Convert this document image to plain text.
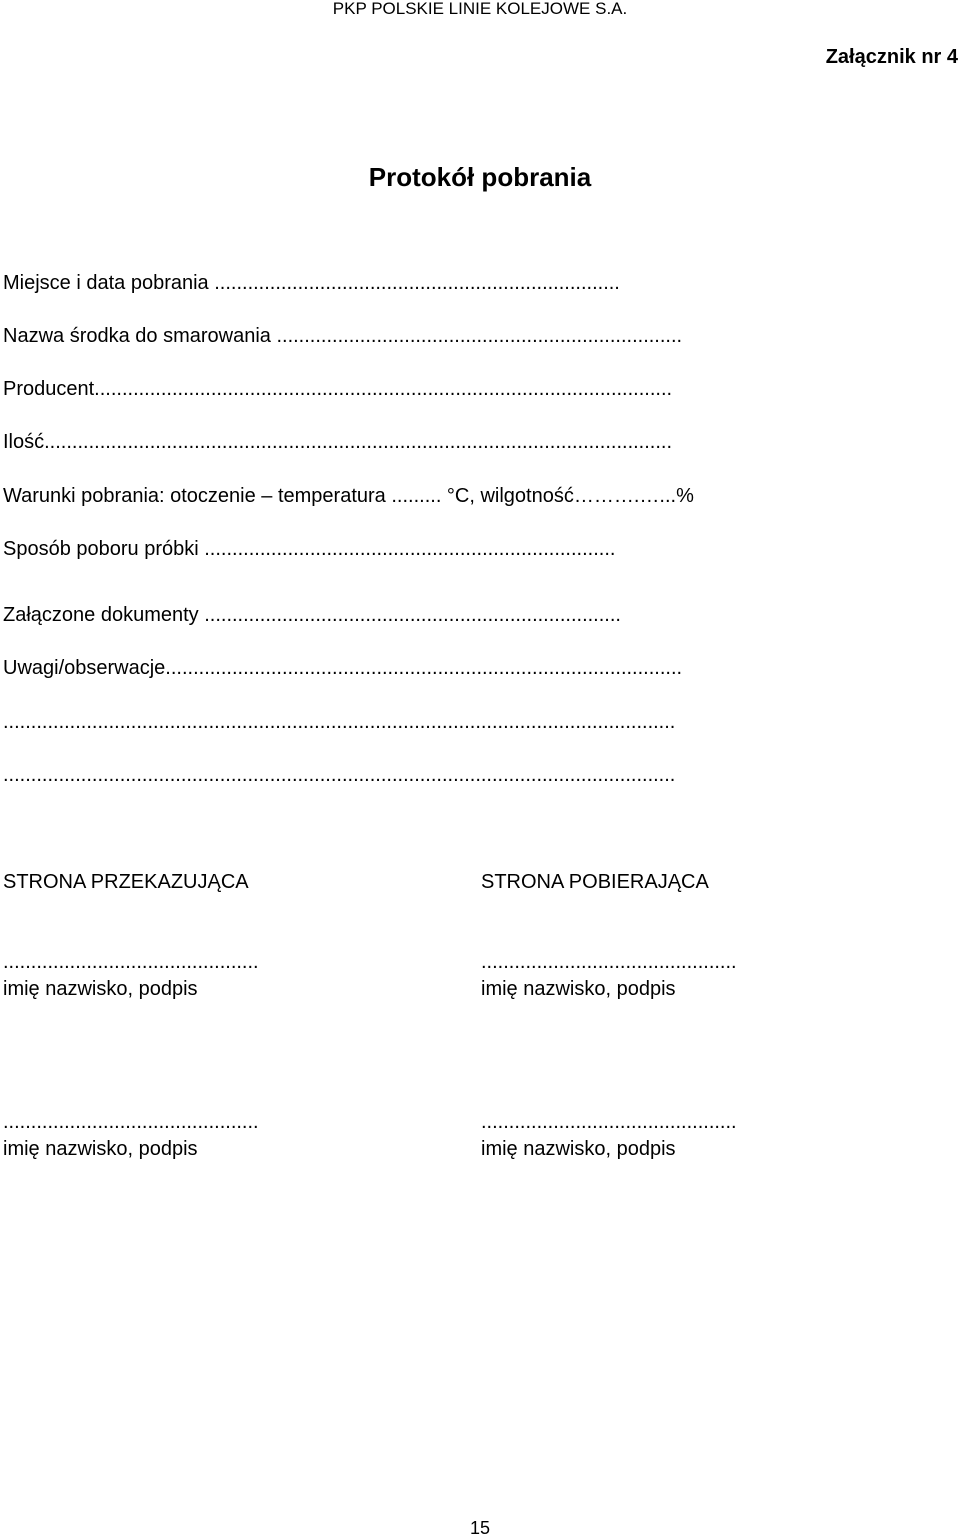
PKP POLSKIE LINIE KOLEJOWE S.A.
Załącznik nr 4
Protokół pobrania
Miejsce i data pobrania .........................................................................
Nazwa środka do smarowania .........................................................................
Producent........................................................................................................
Ilość.................................................................................................................
Warunki pobrania: otoczenie – temperatura ......... °C, wilgotność……….…...%
Sposób poboru próbki ..........................................................................
Załączone dokumenty ...........................................................................
Uwagi/obserwacje.............................................................................................
.........................................................................................................................
.........................................................................................................................
STRONA PRZEKAZUJĄCA	STRONA POBIERAJĄCA
..............................................
imię nazwisko, podpis
..............................................
imię nazwisko, podpis
..............................................
imię nazwisko, podpis
..............................................
imię nazwisko, podpis
15
